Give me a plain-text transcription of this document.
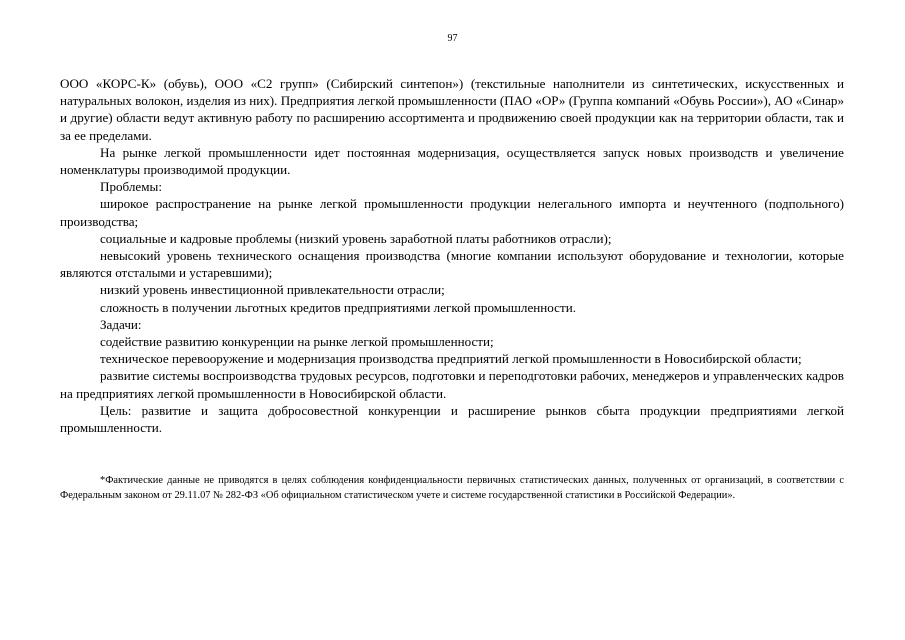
97

ООО «КОРС-К» (обувь), ООО «С2 групп» (Сибирский синтепон») (текстильные наполнители из синтетических, искусственных и натуральных волокон, изделия из них). Предприятия легкой промышленности (ПАО «ОР» (Группа компаний «Обувь России»), АО «Синар» и другие) области ведут активную работу по расширению ассортимента и продвижению своей продукции как на территории области, так и за ее пределами.

На рынке легкой промышленности идет постоянная модернизация, осуществляется запуск новых производств и увеличение номенклатуры производимой продукции.

Проблемы:

широкое распространение на рынке легкой промышленности продукции нелегального импорта и неучтенного (подпольного) производства;

социальные и кадровые проблемы (низкий уровень заработной платы работников отрасли);

невысокий уровень технического оснащения производства (многие компании используют оборудование и технологии, которые являются отсталыми и устаревшими);

низкий уровень инвестиционной привлекательности отрасли;

сложность в получении льготных кредитов предприятиями легкой промышленности.

Задачи:

содействие развитию конкуренции на рынке легкой промышленности;

техническое перевооружение и модернизация производства предприятий легкой промышленности в Новосибирской области;

развитие системы воспроизводства трудовых ресурсов, подготовки и переподготовки рабочих, менеджеров и управленческих кадров на предприятиях легкой промышленности в Новосибирской области.

Цель: развитие и защита добросовестной конкуренции и расширение рынков сбыта продукции предприятиями легкой промышленности.

*Фактические данные не приводятся в целях соблюдения конфиденциальности первичных статистических данных, полученных от организаций, в соответствии с Федеральным законом от 29.11.07 № 282-ФЗ «Об официальном статистическом учете и системе государственной статистики в Российской Федерации».
